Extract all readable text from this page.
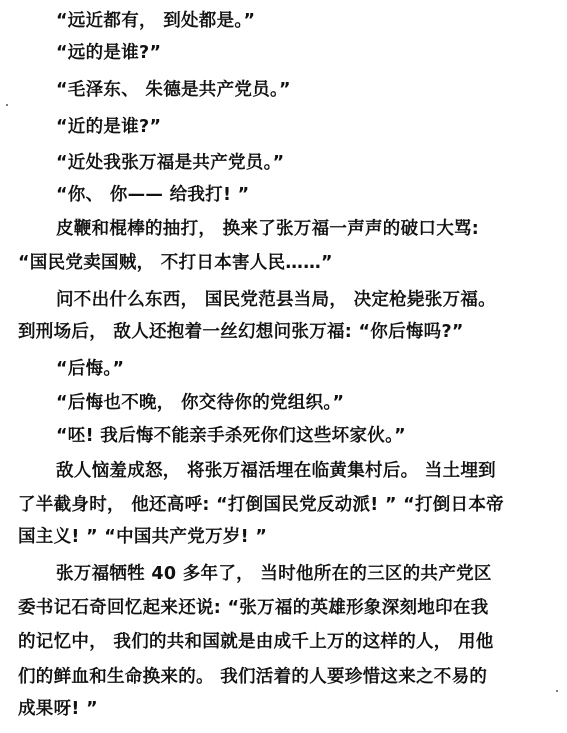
“远近都有， 到处都是。”
“远的是谁?”
“毛泽东、 朱德是共产党员。”
“近的是谁?”
“近处我张万福是共产党员。”
“你、 你—— 给我打! ”
皮鞭和棍棒的抽打， 换来了张万福一声声的破口大骂:
“国民党卖国贼， 不打日本害人民……”
问不出什么东西， 国民党范县当局， 决定枪毙张万福。
到刑场后， 敌人还抱着一丝幻想问张万福: “你后悔吗?”
“后悔。”
“后悔也不晚， 你交待你的党组织。”
“呸! 我后悔不能亲手杀死你们这些坏家伙。”
敌人恼羞成怒， 将张万福活埋在临黄集村后。 当土埋到
了半截身时， 他还高呼: “打倒国民党反动派! ” “打倒日本帝
国主义! ” “中国共产党万岁! ”
张万福牺牲 40 多年了， 当时他所在的三区的共产党区
委书记石奇回忆起来还说: “张万福的英雄形象深刻地印在我
的记忆中， 我们的共和国就是由成千上万的这样的人， 用他
们的鲜血和生命换来的。 我们活着的人要珍惜这来之不易的
成果呀! ”
